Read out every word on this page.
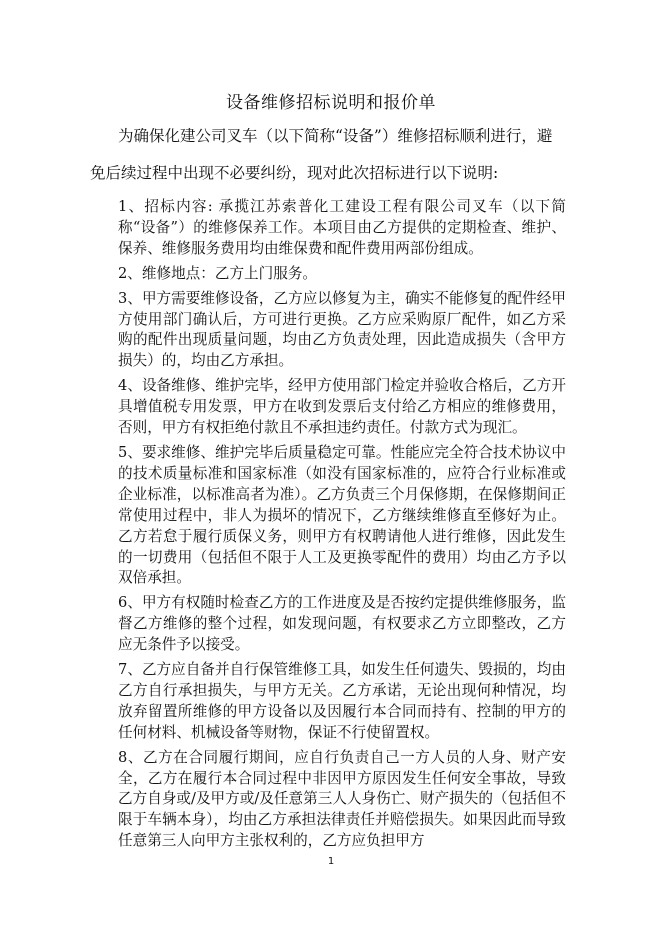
设备维修招标说明和报价单
为确保化建公司叉车（以下简称“设备”）维修招标顺利进行，避
免后续过程中出现不必要纠纷，现对此次招标进行以下说明:

1、招标内容: 承揽江苏索普化工建设工程有限公司叉车（以下简称“设备”）的维修保养工作。本项目由乙方提供的定期检查、维护、保养、维修服务费用均由维保费和配件费用两部份组成。

2、维修地点：乙方上门服务。

3、甲方需要维修设备，乙方应以修复为主，确实不能修复的配件经甲方使用部门确认后，方可进行更换。乙方应采购原厂配件，如乙方采购的配件出现质量问题，均由乙方负责处理，因此造成损失（含甲方损失）的，均由乙方承担。

4、设备维修、维护完毕，经甲方使用部门检定并验收合格后，乙方开具增值税专用发票，甲方在收到发票后支付给乙方相应的维修费用，否则，甲方有权拒绝付款且不承担违约责任。付款方式为现汇。

5、要求维修、维护完毕后质量稳定可靠。性能应完全符合技术协议中的技术质量标准和国家标准（如没有国家标准的，应符合行业标准或企业标准，以标准高者为准）。乙方负责三个月保修期，在保修期间正常使用过程中，非人为损坏的情况下，乙方继续维修直至修好为止。乙方若怠于履行质保义务，则甲方有权聘请他人进行维修，因此发生的一切费用（包括但不限于人工及更换零配件的费用）均由乙方予以双倍承担。

6、甲方有权随时检查乙方的工作进度及是否按约定提供维修服务，监督乙方维修的整个过程，如发现问题，有权要求乙方立即整改，乙方应无条件予以接受。

7、乙方应自备并自行保管维修工具，如发生任何遗失、毁损的，均由乙方自行承担损失，与甲方无关。乙方承诺，无论出现何种情况，均放弃留置所维修的甲方设备以及因履行本合同而持有、控制的甲方的任何材料、机械设备等财物，保证不行使留置权。

8、乙方在合同履行期间，应自行负责自己一方人员的人身、财产安全，乙方在履行本合同过程中非因甲方原因发生任何安全事故，导致乙方自身或/及甲方或/及任意第三人人身伤亡、财产损失的（包括但不限于车辆本身），均由乙方承担法律责任并赔偿损失。如果因此而导致任意第三人向甲方主张权利的，乙方应负担甲方

1
